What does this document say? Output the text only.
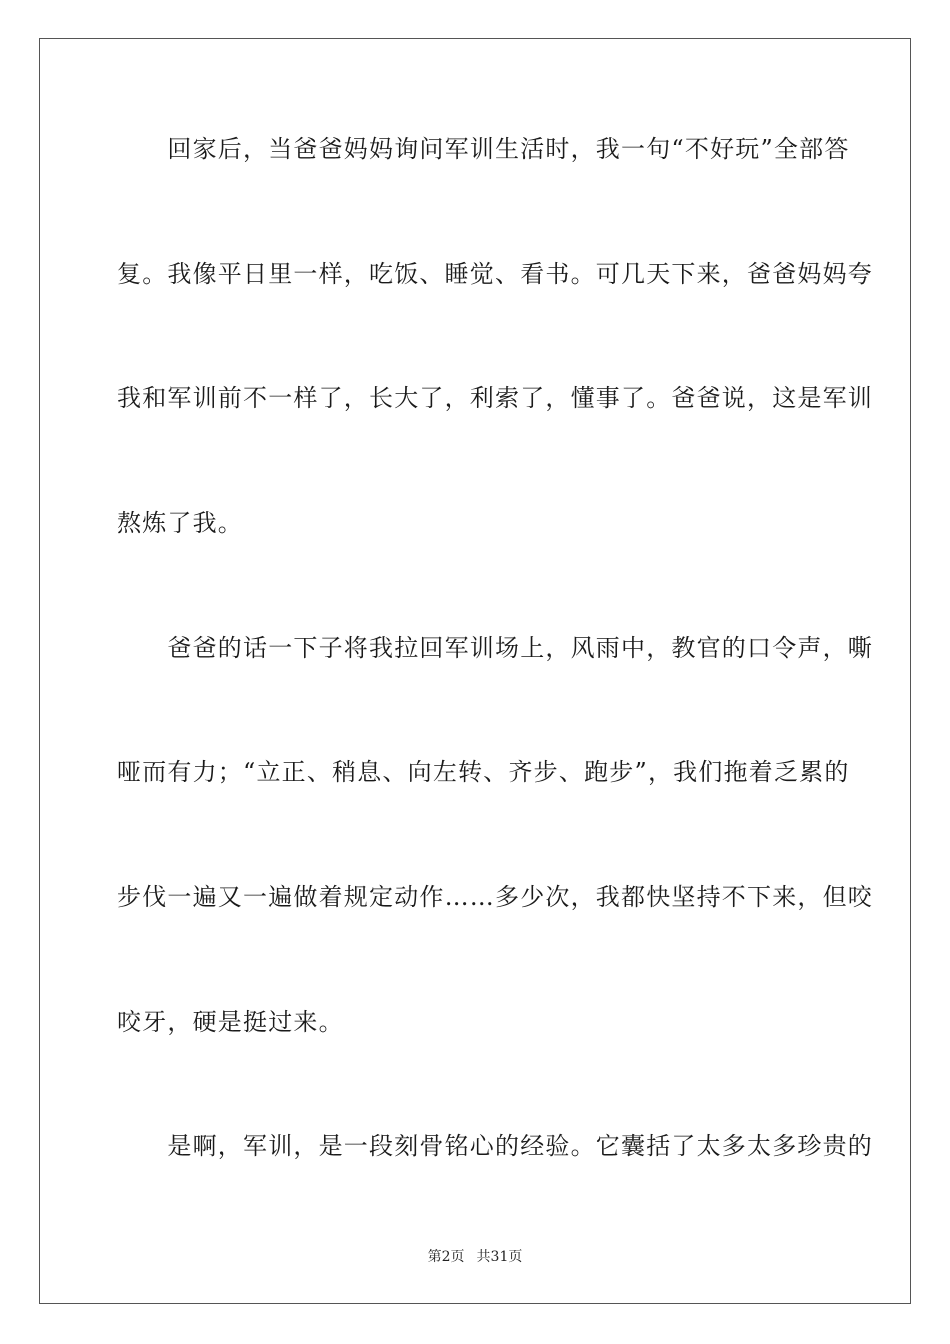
　　回家后，当爸爸妈妈询问军训生活时，我一句“不好玩”全部答
复。我像平日里一样，吃饭、睡觉、看书。可几天下来，爸爸妈妈夸
我和军训前不一样了，长大了，利索了，懂事了。爸爸说，这是军训
熬炼了我。
　　爸爸的话一下子将我拉回军训场上，风雨中，教官的口令声，嘶
哑而有力；“立正、稍息、向左转、齐步、跑步”，我们拖着乏累的
步伐一遍又一遍做着规定动作……多少次，我都快坚持不下来，但咬
咬牙，硬是挺过来。
　　是啊，军训，是一段刻骨铭心的经验。它囊括了太多太多珍贵的
第2页 共31页
